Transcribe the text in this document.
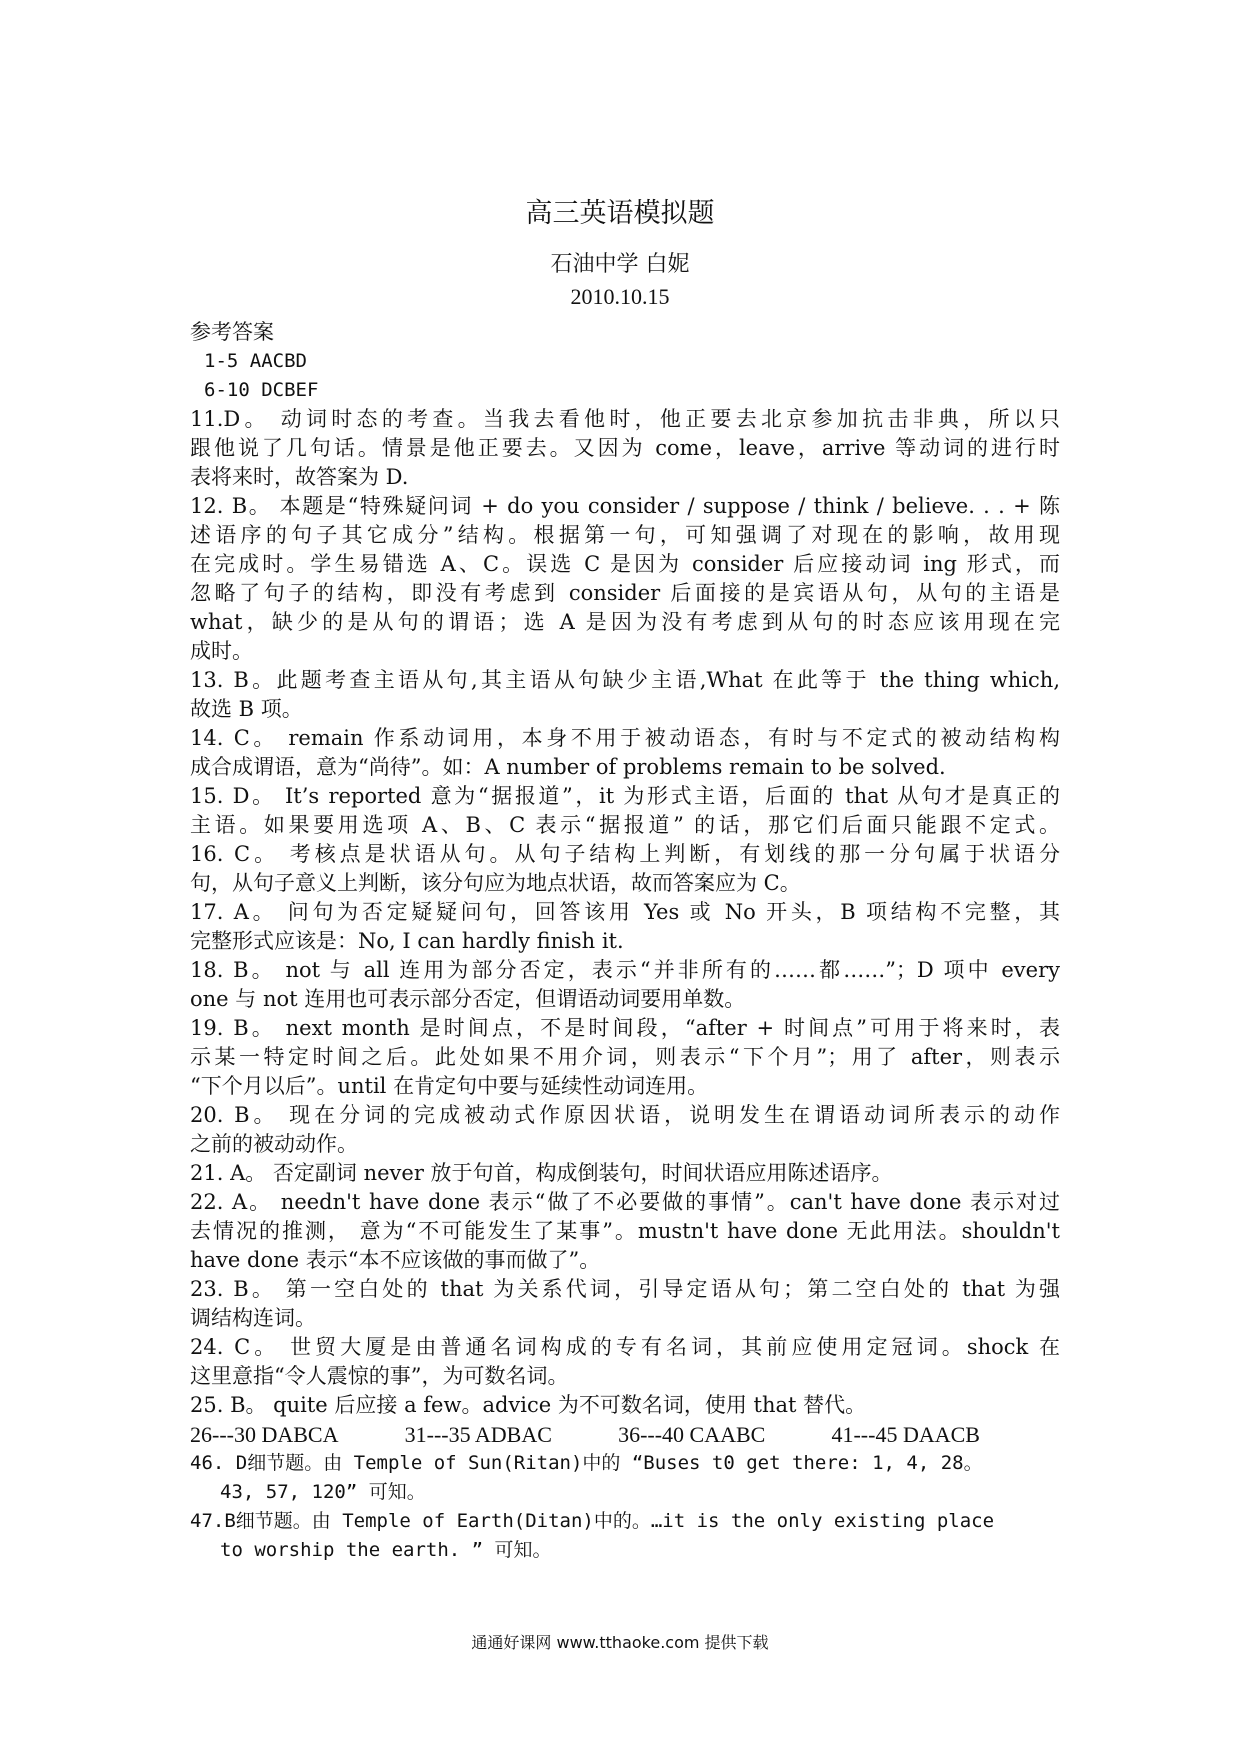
高三英语模拟题
石油中学 白妮
2010.10.15
参考答案
1-5 AACBD
6-10 DCBEF
11.D。 动词时态的考查。当我去看他时，他正要去北京参加抗击非典，所以只
跟他说了几句话。情景是他正要去。又因为 come，leave，arrive 等动词的进行时
表将来时，故答案为 D.
12. B。 本题是“特殊疑问词 + do you consider / suppose / think / believe. . . + 陈
述语序的句子其它成分”结构。根据第一句，可知强调了对现在的影响，故用现
在完成时。学生易错选 A、C。误选 C 是因为 consider 后应接动词 ing 形式，而
忽略了句子的结构，即没有考虑到 consider 后面接的是宾语从句，从句的主语是
what，缺少的是从句的谓语；选 A 是因为没有考虑到从句的时态应该用现在完
成时。
13. B。此题考查主语从句,其主语从句缺少主语,What 在此等于 the thing which,
故选 B 项。
14. C。 remain 作系动词用，本身不用于被动语态，有时与不定式的被动结构构
成合成谓语，意为“尚待”。如：A number of problems remain to be solved.
15. D。 It’s reported 意为“据报道”，it 为形式主语，后面的 that 从句才是真正的
主语。如果要用选项 A、B、C 表示“据报道” 的话，那它们后面只能跟不定式。
16. C。 考核点是状语从句。从句子结构上判断，有划线的那一分句属于状语分
句，从句子意义上判断，该分句应为地点状语，故而答案应为 C。
17. A。 问句为否定疑疑问句，回答该用 Yes 或 No 开头，B 项结构不完整，其
完整形式应该是：No, I can hardly finish it.
18. B。 not 与 all 连用为部分否定，表示“并非所有的……都……”；D 项中 every
one 与 not 连用也可表示部分否定，但谓语动词要用单数。
19. B。 next month 是时间点，不是时间段，“after + 时间点”可用于将来时，表
示某一特定时间之后。此处如果不用介词，则表示“下个月”；用了 after，则表示
“下个月以后”。until 在肯定句中要与延续性动词连用。
20. B。 现在分词的完成被动式作原因状语，说明发生在谓语动词所表示的动作
之前的被动动作。
21. A。 否定副词 never 放于句首，构成倒装句，时间状语应用陈述语序。
22. A。 needn't have done 表示“做了不必要做的事情”。can't have done 表示对过
去情况的推测， 意为“不可能发生了某事”。mustn't have done 无此用法。shouldn't
have done 表示“本不应该做的事而做了”。
23. B。 第一空白处的 that 为关系代词，引导定语从句；第二空白处的 that 为强
调结构连词。
24. C。 世贸大厦是由普通名词构成的专有名词，其前应使用定冠词。shock 在
这里意指“令人震惊的事”，为可数名词。
25. B。 quite 后应接 a few。advice 为不可数名词，使用 that 替代。
26---30 DABCA	31---35 ADBAC	36---40 CAABC	41---45 DAACB
46. D细节题。由 Temple of Sun(Ritan)中的 “Buses t0 get there: 1, 4, 28。
43, 57, 120” 可知。
47.B细节题。由 Temple of Earth(Ditan)中的。…it is the only existing place
to worship the earth. ” 可知。
通通好课网 www.tthaoke.com 提供下载
